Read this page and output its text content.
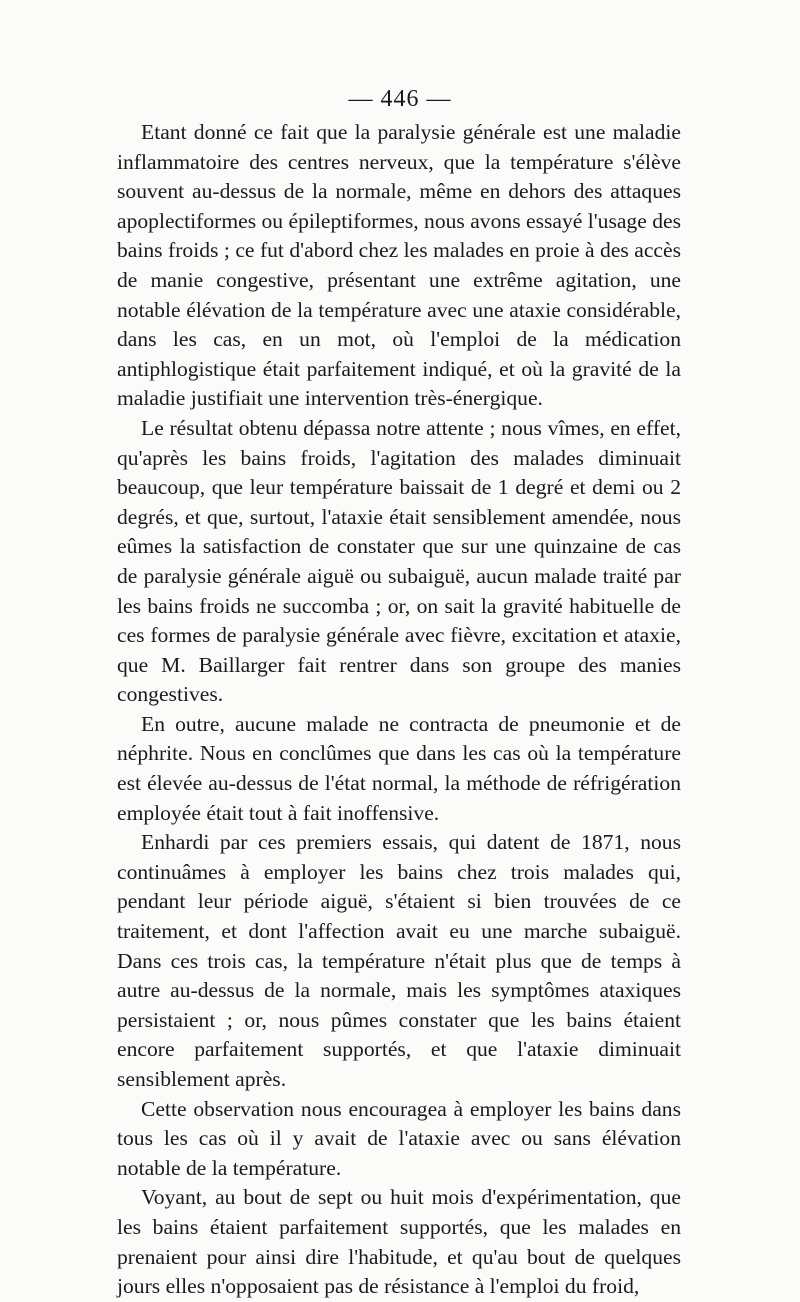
— 446 —

Etant donné ce fait que la paralysie générale est une maladie inflammatoire des centres nerveux, que la température s'élève souvent au-dessus de la normale, même en dehors des attaques apoplectiformes ou épileptiformes, nous avons essayé l'usage des bains froids ; ce fut d'abord chez les malades en proie à des accès de manie congestive, présentant une extrême agitation, une notable élévation de la température avec une ataxie considérable, dans les cas, en un mot, où l'emploi de la médication antiphlogistique était parfaitement indiqué, et où la gravité de la maladie justifiait une intervention très-énergique.

Le résultat obtenu dépassa notre attente ; nous vîmes, en effet, qu'après les bains froids, l'agitation des malades diminuait beaucoup, que leur température baissait de 1 degré et demi ou 2 degrés, et que, surtout, l'ataxie était sensiblement amendée, nous eûmes la satisfaction de constater que sur une quinzaine de cas de paralysie générale aiguë ou subaiguë, aucun malade traité par les bains froids ne succomba ; or, on sait la gravité habituelle de ces formes de paralysie générale avec fièvre, excitation et ataxie, que M. Baillarger fait rentrer dans son groupe des manies congestives.

En outre, aucune malade ne contracta de pneumonie et de néphrite. Nous en conclûmes que dans les cas où la température est élevée au-dessus de l'état normal, la méthode de réfrigération employée était tout à fait inoffensive.

Enhardi par ces premiers essais, qui datent de 1871, nous continuâmes à employer les bains chez trois malades qui, pendant leur période aiguë, s'étaient si bien trouvées de ce traitement, et dont l'affection avait eu une marche subaiguë. Dans ces trois cas, la température n'était plus que de temps à autre au-dessus de la normale, mais les symptômes ataxiques persistaient ; or, nous pûmes constater que les bains étaient encore parfaitement supportés, et que l'ataxie diminuait sensiblement après.

Cette observation nous encouragea à employer les bains dans tous les cas où il y avait de l'ataxie avec ou sans élévation notable de la température.

Voyant, au bout de sept ou huit mois d'expérimentation, que les bains étaient parfaitement supportés, que les malades en prenaient pour ainsi dire l'habitude, et qu'au bout de quelques jours elles n'opposaient pas de résistance à l'emploi du froid,
